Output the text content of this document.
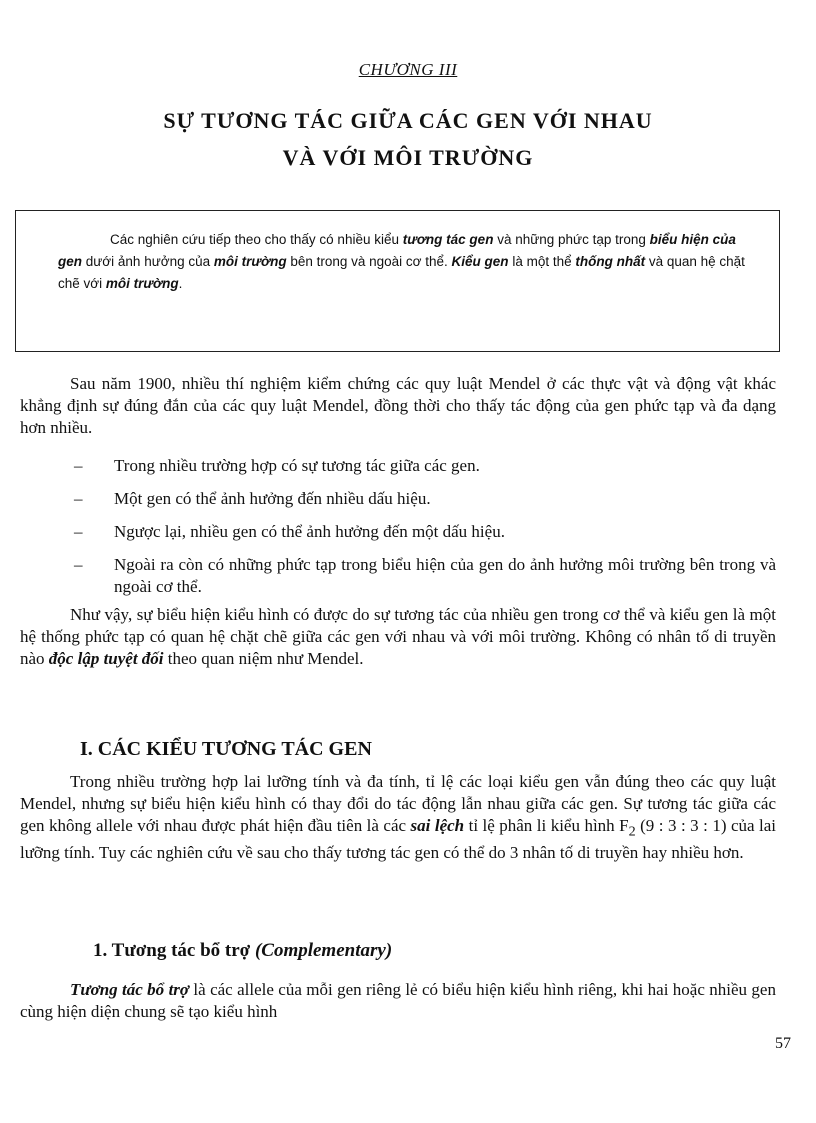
CHƯƠNG III
SỰ TƯƠNG TÁC GIỮA CÁC GEN VỚI NHAU
VÀ VỚI MÔI TRƯỜNG
Các nghiên cứu tiếp theo cho thấy có nhiều kiểu tương tác gen và những phức tạp trong biểu hiện của gen dưới ảnh hưởng của môi trường bên trong và ngoài cơ thể. Kiểu gen là một thể thống nhất và quan hệ chặt chẽ với môi trường.
Sau năm 1900, nhiều thí nghiệm kiểm chứng các quy luật Mendel ở các thực vật và động vật khác khẳng định sự đúng đắn của các quy luật Mendel, đồng thời cho thấy tác động của gen phức tạp và đa dạng hơn nhiều.
– Trong nhiều trường hợp có sự tương tác giữa các gen.
– Một gen có thể ảnh hưởng đến nhiều dấu hiệu.
– Ngược lại, nhiều gen có thể ảnh hưởng đến một dấu hiệu.
– Ngoài ra còn có những phức tạp trong biểu hiện của gen do ảnh hưởng môi trường bên trong và ngoài cơ thể.
Như vậy, sự biểu hiện kiểu hình có được do sự tương tác của nhiều gen trong cơ thể và kiểu gen là một hệ thống phức tạp có quan hệ chặt chẽ giữa các gen với nhau và với môi trường. Không có nhân tố di truyền nào độc lập tuyệt đối theo quan niệm như Mendel.
I. CÁC KIỂU TƯƠNG TÁC GEN
Trong nhiều trường hợp lai lưỡng tính và đa tính, tỉ lệ các loại kiểu gen vẫn đúng theo các quy luật Mendel, nhưng sự biểu hiện kiểu hình có thay đổi do tác động lẫn nhau giữa các gen. Sự tương tác giữa các gen không allele với nhau được phát hiện đầu tiên là các sai lệch tỉ lệ phân li kiểu hình $F_2$ (9 : 3 : 3 : 1) của lai lưỡng tính. Tuy các nghiên cứu về sau cho thấy tương tác gen có thể do 3 nhân tố di truyền hay nhiều hơn.
1. Tương tác bổ trợ (Complementary)
Tương tác bổ trợ là các allele của mỗi gen riêng lẻ có biểu hiện kiểu hình riêng, khi hai hoặc nhiều gen cùng hiện diện chung sẽ tạo kiểu hình
57
